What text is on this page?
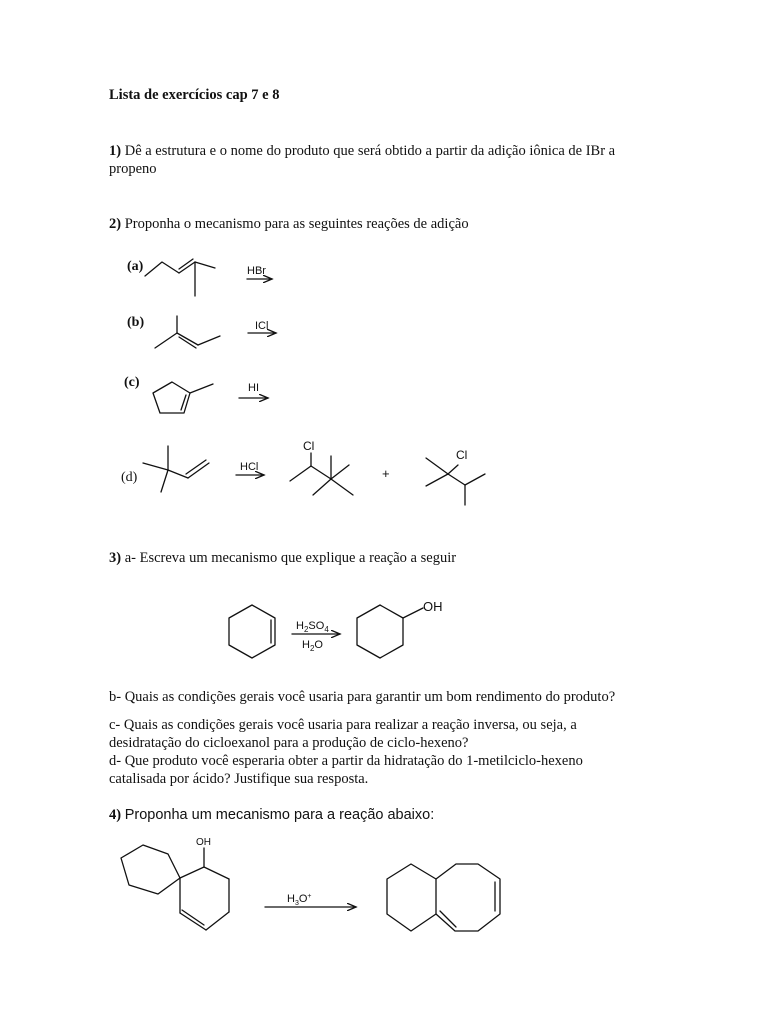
Lista de exercícios cap 7 e 8
1) Dê a estrutura e o nome do produto que será obtido a partir da adição iônica de IBr a
propeno
2) Proponha o mecanismo para as seguintes reações de adição
3) a- Escreva um mecanismo que explique a reação a seguir
b- Quais as condições gerais você usaria para garantir um bom rendimento do produto?
c- Quais as condições gerais você usaria para realizar a reação inversa, ou seja, a
desidratação do cicloexanol para a produção de ciclo-hexeno?
d- Que produto você esperaria obter a partir da hidratação do 1-metilciclo-hexeno
catalisada por ácido? Justifique sua resposta.
4) Proponha um mecanismo para a reação abaixo:
(a)	HBr
(b)	ICl
(c)	HI
(d)
HCl
Cl
+
Cl
$H_2SO_4$
$H_2O$
OH
OH
$H_3O^+$
